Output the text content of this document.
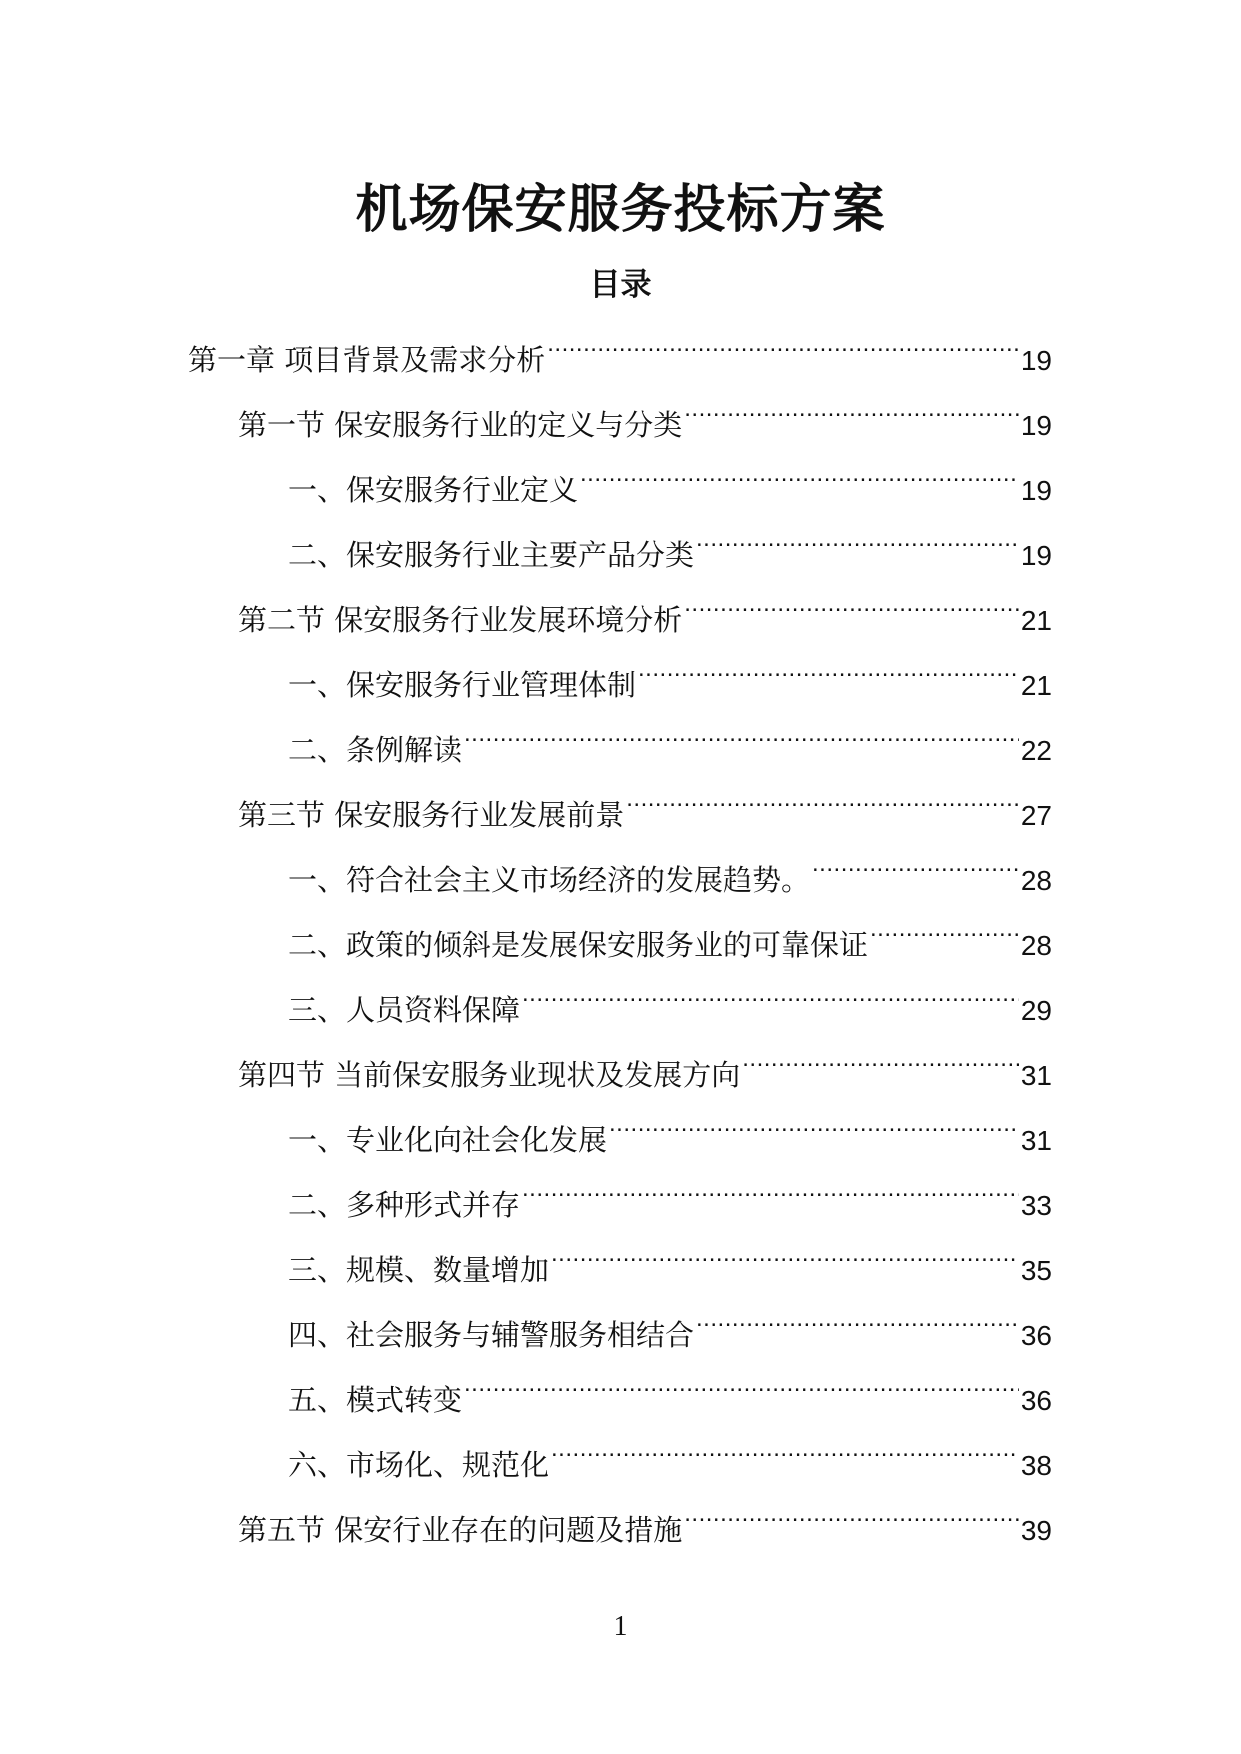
机场保安服务投标方案
目录
第一章 项目背景及需求分析 .....	19
第一节 保安服务行业的定义与分类 .....	19
一、保安服务行业定义 .....	19
二、保安服务行业主要产品分类 .....	19
第二节 保安服务行业发展环境分析 .....	21
一、保安服务行业管理体制 .....	21
二、条例解读 .....	22
第三节 保安服务行业发展前景 .....	27
一、符合社会主义市场经济的发展趋势。 .....	28
二、政策的倾斜是发展保安服务业的可靠保证 .....	28
三、人员资料保障 .....	29
第四节 当前保安服务业现状及发展方向 .....	31
一、专业化向社会化发展 .....	31
二、多种形式并存 .....	33
三、规模、数量增加 .....	35
四、社会服务与辅警服务相结合 .....	36
五、模式转变 .....	36
六、市场化、规范化 .....	38
第五节 保安行业存在的问题及措施 .....	39
1
